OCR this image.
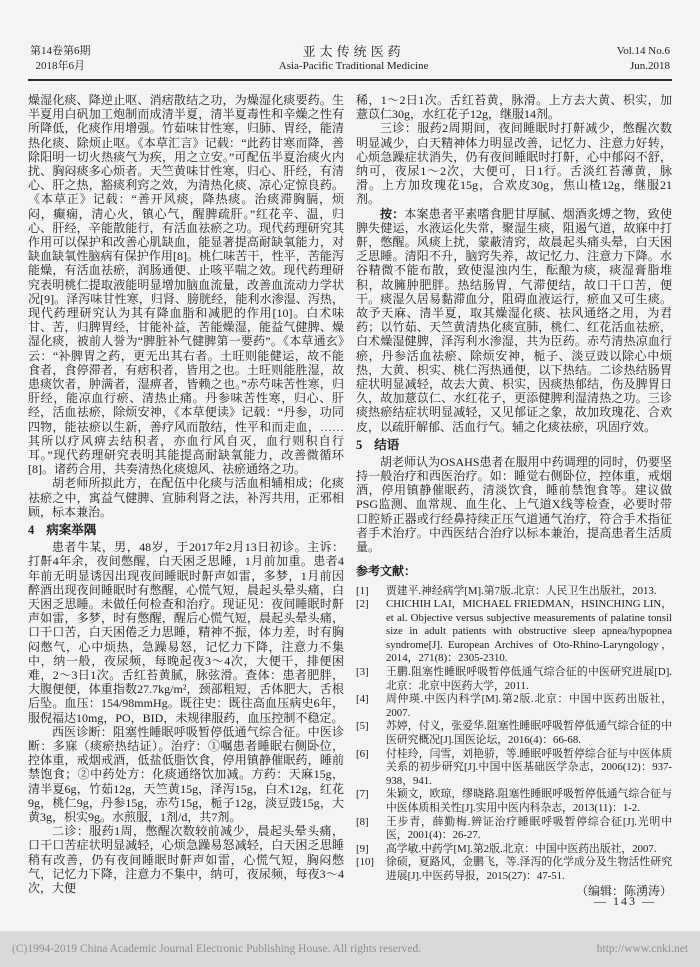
第14卷第6期
2018年6月
亚太传统医药
Asia-Pacific Traditional Medicine
Vol.14 No.6
Jun.2018

燥湿化痰、降逆止呕、消痞散结之功，为燥湿化痰要药。生半夏用白矾加工炮制而成清半夏，清半夏毒性和辛燥之性有所降低，化痰作用增强。竹茹味甘性寒，归肺、胃经，能清热化痰、除烦止呕。《本草汇言》记载：“此药甘寒而降，善除阳明一切火热痰气为疾，用之立安。”可配伍半夏治痰火内扰、胸闷痰多心烦者。天竺黄味甘性寒，归心、肝经，有清心、肝之热，豁痰利窍之效，为清热化痰、凉心定惊良药。《本草正》记载：“善开风痰，降热痰。治痰滞胸膈，烦闷，癫痫，清心火，镇心气，醒脾疏肝。”红花辛、温，归心、肝经，辛能散能行，有活血祛瘀之功。现代药理研究其作用可以保护和改善心肌缺血，能显著提高耐缺氧能力，对缺血缺氧性脑病有保护作用[8]。桃仁味苦干，性平，苦能泻能燥，有活血祛瘀，润肠通便、止咳平喘之效。现代药理研究表明桃仁提取液能明显增加脑血流量，改善血流动力学状况[9]。泽泻味甘性寒，归肾、膀胱经，能利水渗湿、泻热，现代药理研究认为其有降血脂和减肥的作用[10]。白术味甘、苦，归脾胃经，甘能补益，苦能燥湿，能益气健脾、燥湿化痰，被前人誉为“脾脏补气健脾第一要药”。《本草通玄》云：“补脾胃之药，更无出其右者。土旺则能健运，故不能食者，食停滞者，有痞积者，皆用之也。土旺则能胜湿，故患痰饮者，肿满者，湿痹者，皆赖之也。”赤芍味苦性寒，归肝经，能凉血行瘀、清热止痛。丹参味苦性寒，归心、肝经，活血祛瘀，除烦安神，《本草便读》记载：“丹参，功同四物，能祛瘀以生新，善疗风而散结，性平和而走血，……其所以疗风痹去结积者，亦血行风自灭，血行则积自行耳。”现代药理研究表明其能提高耐缺氧能力，改善微循环[8]。诸药合用，共奏清热化痰熄风、祛瘀通络之功。

胡老师所拟此方，在配伍中化痰与活血相辅相成；化痰祛瘀之中，寓益气健脾、宣肺利肾之法，补泻共用，正邪相顾，标本兼治。

4 病案举隅

患者牛某，男，48岁，于2017年2月13日初诊。主诉：打鼾4年余，夜间憋醒，白天困乏思睡，1月前加重。患者4年前无明显诱因出现夜间睡眠时鼾声如雷，多梦，1月前因醉酒出现夜间睡眠时有憋醒，心慌气短，晨起头晕头痛，白天困乏思睡。未做任何检查和治疗。现证见：夜间睡眠时鼾声如雷，多梦，时有憋醒，醒后心慌气短，晨起头晕头痛，口干口苦，白天困倦乏力思睡，精神不振，体力差，时有胸闷憋气，心中烦热，急躁易怒，记忆力下降，注意力不集中，纳一般，夜尿频，每晚起夜3～4次，大便干，排便困难，2～3日1次。舌红苔黄腻，脉弦滑。查体：患者肥胖，大腹便便，体重指数27.7kg/m²，颈部粗短，舌体肥大，舌根后坠。血压：154/98mmHg。既往史：既往高血压病史6年，服倪福达10mg，PO，BID，未规律服药，血压控制不稳定。

西医诊断：阻塞性睡眠呼吸暂停低通气综合征。中医诊断：多寐（痰瘀热结证）。治疗：①嘱患者睡眠右侧卧位，控体重，戒烟戒酒，低盐低脂饮食，停用镇静催眠药，睡前禁饱食；②中药处方：化痰通络饮加减。方药：天麻15g，清半夏6g，竹茹12g，天竺黄15g，泽泻15g，白术12g，红花9g，桃仁9g，丹参15g，赤芍15g，栀子12g，淡豆豉15g，大黄3g，枳实9g。水煎服，1剂/d，共7剂。

二诊：服药1周，憋醒次数较前减少，晨起头晕头痛，口干口苦症状明显减轻，心烦急躁易怒减轻，白天困乏思睡稍有改善，仍有夜间睡眠时鼾声如雷，心慌气短，胸闷憋气，记忆力下降，注意力不集中，纳可，夜尿频，每夜3～4次，大便

稀，1～2日1次。舌红苔黄，脉滑。上方去大黄、枳实，加薏苡仁30g，水红花子12g，继服14剂。

三诊：服药2周期间，夜间睡眠时打鼾减少，憋醒次数明显减少，白天精神体力明显改善，记忆力、注意力好转，心烦急躁症状消失，仍有夜间睡眠时打鼾，心中郁闷不舒，纳可，夜尿1～2次，大便可，日1行。舌淡红苔薄黄，脉滑。上方加玫瑰花15g，合欢皮30g，焦山楂12g，继服21剂。

按：本案患者平素嗜食肥甘厚腻、烟酒炙煿之物，致使脾失健运，水液运化失常，聚湿生痰，阻遏气道，故寐中打鼾，憋醒。风痰上扰，蒙蔽清窍，故晨起头痛头晕，白天困乏思睡。清阳不升，脑窍失养，故记忆力、注意力下降。水谷精微不能布散，致使湿浊内生，酝酿为痰，痰湿膏脂堆积，故臃肿肥胖。热结肠胃，气滞便结，故口干口苦，便干。痰湿久居易黏滞血分，阻碍血液运行，瘀血又可生痰。故予天麻、清半夏，取其燥湿化痰、祛风通络之用，为君药；以竹茹、天竺黄清热化痰宣肺，桃仁、红花活血祛瘀，白术燥湿健脾，泽泻利水渗湿，共为臣药。赤芍清热凉血行瘀，丹参活血祛瘀、除烦安神，栀子、淡豆豉以除心中烦热，大黄、枳实、桃仁泻热通便，以下热结。二诊热结肠胃症状明显减轻，故去大黄、枳实，因痰热郁结，伤及脾胃日久，故加薏苡仁、水红花子，更添健脾利湿清热之功。三诊痰热瘀结症状明显减轻，又见郁证之象，故加玫瑰花、合欢皮，以疏肝解郁、活血行气。辅之化痰祛瘀，巩固疗效。

5 结语

胡老师认为OSAHS患者在服用中药调理的同时，仍要坚持一般治疗和西医治疗。如：睡觉右侧卧位，控体重，戒烟酒，停用镇静催眠药，清淡饮食，睡前禁饱食等。建议做PSG监测、血常规、血生化、上气道X线等检查，必要时带口腔矫正器或行经鼻持续正压气道通气治疗，符合手术指征者手术治疗。中西医结合治疗以标本兼治，提高患者生活质量。

参考文献：
[1]	贾建平.神经病学[M].第7版.北京：人民卫生出版社，2013.
[2]	CHICHIH LAI，MICHAEL FRIEDMAN，HSINCHING LIN，et al. Objective versus subjective measurements of palatine tonsil size in adult patients with obstructive sleep apnea/hypopnea syndrome[J]. European Archives of Oto-Rhino-Laryngology，2014，271(8)：2305-2310.
[3]	王鹏.阻塞性睡眠呼吸暂停低通气综合征的中医研究进展[D].北京：北京中医药大学，2011.
[4]	周仲瑛.中医内科学[M].第2版.北京：中国中医药出版社，2007.
[5]	苏婷，付义，张爱华.阻塞性睡眠呼吸暂停低通气综合征的中医研究概况[J].国医论坛，2016(4)：66-68.
[6]	付桂玲，闫雪，刘艳骄，等.睡眠呼吸暂停综合征与中医体质关系的初步研究[J].中国中医基础医学杂志，2006(12)：937-938，941.
[7]	朱颖文，欧琼，缪晓路.阻塞性睡眠呼吸暂停低通气综合征与中医体质相关性[J].实用中医内科杂志，2013(11)：1-2.
[8]	王步青，薛勤梅.辨证治疗睡眠呼吸暂停综合征[J].光明中医，2001(4)：26-27.
[9]	高学敏.中药学[M].第2版.北京：中国中医药出版社，2007.
[10]	徐硕，夏路风，金鹏飞，等.泽泻的化学成分及生物活性研究进展[J].中医药导报，2015(27)：47-51.

（编辑：陈湧涛）

— 143 —
(C)1994-2019 China Academic Journal Electronic Publishing House. All rights reserved.	http://www.cnki.net
